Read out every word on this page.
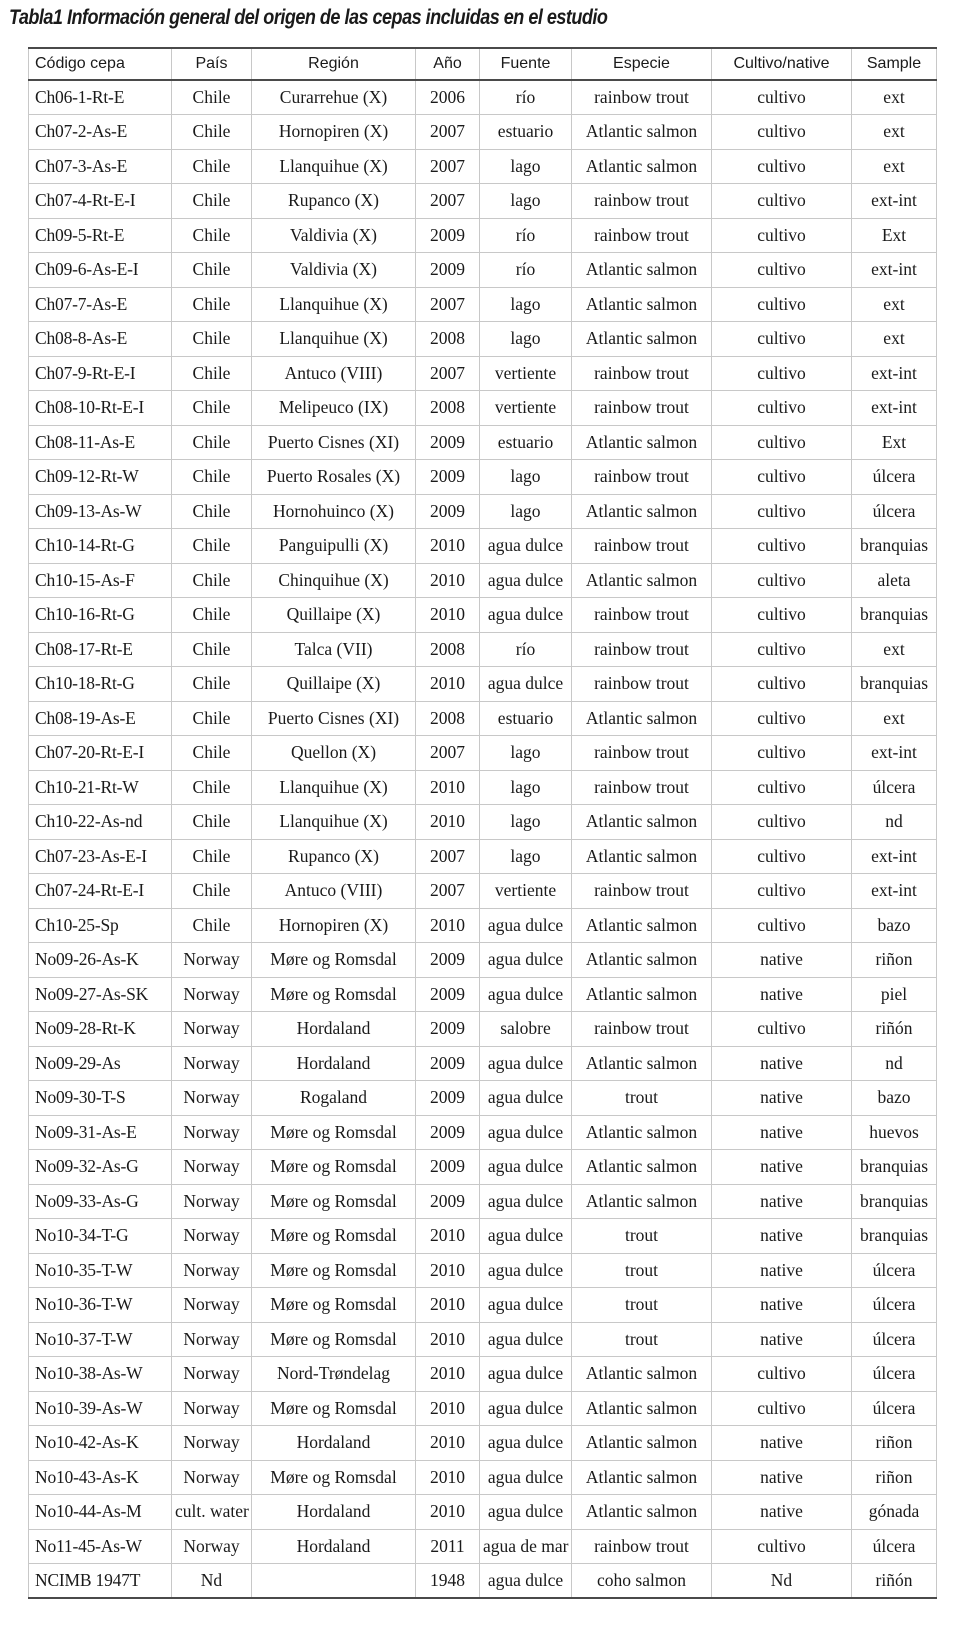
Tabla1 Información general del origen de las cepas incluidas en el estudio
Código cepa	País	Región	Año	Fuente	Especie	Cultivo/native	Sample
Ch06-1-Rt-E	Chile	Curarrehue (X)	2006	río	rainbow trout	cultivo	ext
Ch07-2-As-E	Chile	Hornopiren (X)	2007	estuario	Atlantic salmon	cultivo	ext
Ch07-3-As-E	Chile	Llanquihue (X)	2007	lago	Atlantic salmon	cultivo	ext
Ch07-4-Rt-E-I	Chile	Rupanco (X)	2007	lago	rainbow trout	cultivo	ext-int
Ch09-5-Rt-E	Chile	Valdivia (X)	2009	río	rainbow trout	cultivo	Ext
Ch09-6-As-E-I	Chile	Valdivia (X)	2009	río	Atlantic salmon	cultivo	ext-int
Ch07-7-As-E	Chile	Llanquihue (X)	2007	lago	Atlantic salmon	cultivo	ext
Ch08-8-As-E	Chile	Llanquihue (X)	2008	lago	Atlantic salmon	cultivo	ext
Ch07-9-Rt-E-I	Chile	Antuco (VIII)	2007	vertiente	rainbow trout	cultivo	ext-int
Ch08-10-Rt-E-I	Chile	Melipeuco (IX)	2008	vertiente	rainbow trout	cultivo	ext-int
Ch08-11-As-E	Chile	Puerto Cisnes (XI)	2009	estuario	Atlantic salmon	cultivo	Ext
Ch09-12-Rt-W	Chile	Puerto Rosales (X)	2009	lago	rainbow trout	cultivo	úlcera
Ch09-13-As-W	Chile	Hornohuinco (X)	2009	lago	Atlantic salmon	cultivo	úlcera
Ch10-14-Rt-G	Chile	Panguipulli (X)	2010	agua dulce	rainbow trout	cultivo	branquias
Ch10-15-As-F	Chile	Chinquihue (X)	2010	agua dulce	Atlantic salmon	cultivo	aleta
Ch10-16-Rt-G	Chile	Quillaipe (X)	2010	agua dulce	rainbow trout	cultivo	branquias
Ch08-17-Rt-E	Chile	Talca (VII)	2008	río	rainbow trout	cultivo	ext
Ch10-18-Rt-G	Chile	Quillaipe (X)	2010	agua dulce	rainbow trout	cultivo	branquias
Ch08-19-As-E	Chile	Puerto Cisnes (XI)	2008	estuario	Atlantic salmon	cultivo	ext
Ch07-20-Rt-E-I	Chile	Quellon (X)	2007	lago	rainbow trout	cultivo	ext-int
Ch10-21-Rt-W	Chile	Llanquihue (X)	2010	lago	rainbow trout	cultivo	úlcera
Ch10-22-As-nd	Chile	Llanquihue (X)	2010	lago	Atlantic salmon	cultivo	nd
Ch07-23-As-E-I	Chile	Rupanco (X)	2007	lago	Atlantic salmon	cultivo	ext-int
Ch07-24-Rt-E-I	Chile	Antuco (VIII)	2007	vertiente	rainbow trout	cultivo	ext-int
Ch10-25-Sp	Chile	Hornopiren (X)	2010	agua dulce	Atlantic salmon	cultivo	bazo
No09-26-As-K	Norway	Møre og Romsdal	2009	agua dulce	Atlantic salmon	native	riñon
No09-27-As-SK	Norway	Møre og Romsdal	2009	agua dulce	Atlantic salmon	native	piel
No09-28-Rt-K	Norway	Hordaland	2009	salobre	rainbow trout	cultivo	riñón
No09-29-As	Norway	Hordaland	2009	agua dulce	Atlantic salmon	native	nd
No09-30-T-S	Norway	Rogaland	2009	agua dulce	trout	native	bazo
No09-31-As-E	Norway	Møre og Romsdal	2009	agua dulce	Atlantic salmon	native	huevos
No09-32-As-G	Norway	Møre og Romsdal	2009	agua dulce	Atlantic salmon	native	branquias
No09-33-As-G	Norway	Møre og Romsdal	2009	agua dulce	Atlantic salmon	native	branquias
No10-34-T-G	Norway	Møre og Romsdal	2010	agua dulce	trout	native	branquias
No10-35-T-W	Norway	Møre og Romsdal	2010	agua dulce	trout	native	úlcera
No10-36-T-W	Norway	Møre og Romsdal	2010	agua dulce	trout	native	úlcera
No10-37-T-W	Norway	Møre og Romsdal	2010	agua dulce	trout	native	úlcera
No10-38-As-W	Norway	Nord-Trøndelag	2010	agua dulce	Atlantic salmon	cultivo	úlcera
No10-39-As-W	Norway	Møre og Romsdal	2010	agua dulce	Atlantic salmon	cultivo	úlcera
No10-42-As-K	Norway	Hordaland	2010	agua dulce	Atlantic salmon	native	riñon
No10-43-As-K	Norway	Møre og Romsdal	2010	agua dulce	Atlantic salmon	native	riñon
No10-44-As-M	cult. water	Hordaland	2010	agua dulce	Atlantic salmon	native	gónada
No11-45-As-W	Norway	Hordaland	2011	agua de mar	rainbow trout	cultivo	úlcera
NCIMB 1947T	Nd		1948	agua dulce	coho salmon	Nd	riñón
